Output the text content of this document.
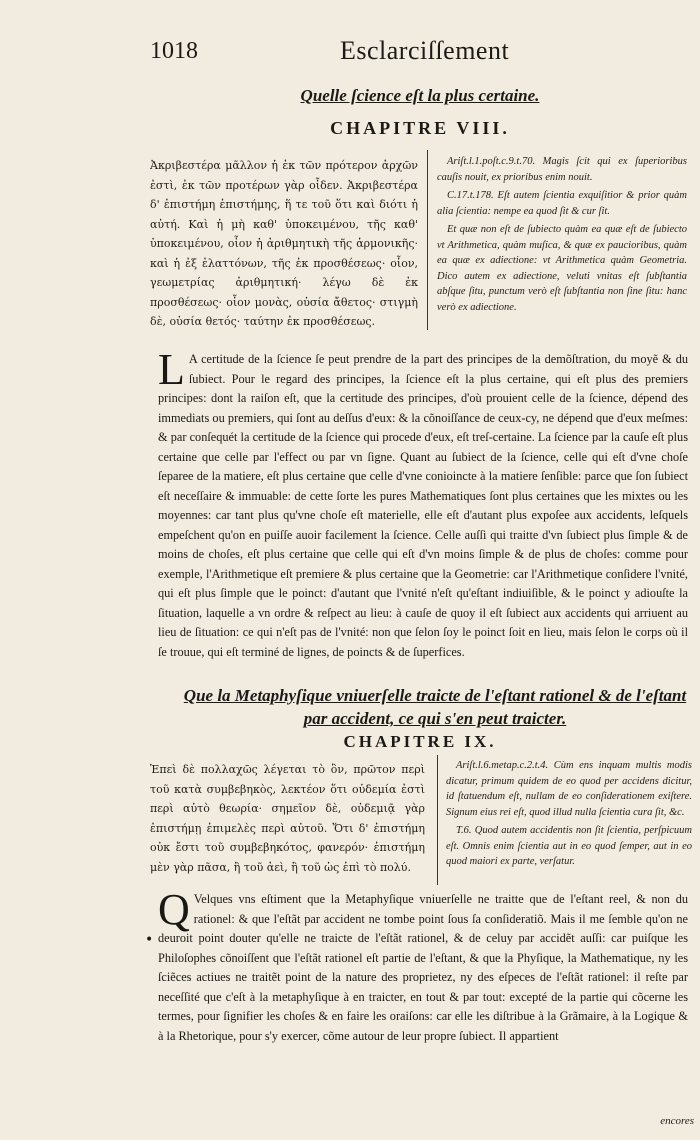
1018	Esclarciſſement
Quelle ſcience eſt la plus certaine.
CHAPITRE VIII.
Ἀκριβεστέρα μᾶλλον ἡ ἐκ τῶν πρότερον ἀρχῶν ἐστὶ, ἐκ τῶν προτέρων γὰρ οἶδεν. Ἀκριβεστέρα δ' ἐπιστήμη ἐπιστήμης, ἥ τε τοῦ ὅτι καὶ διότι ἡ αὐτή. Καὶ ἡ μὴ καθ' ὑποκειμένου, τῆς καθ' ὑποκειμένου, οἷον ἡ ἀριθμητικὴ τῆς ἁρμονικῆς· καὶ ἡ ἐξ ἐλαττόνων, τῆς ἐκ προσθέσεως· οἷον, γεωμετρίας ἀριθμητική· λέγω δὲ ἐκ προσθέσεως· οἷον μονὰς, οὐσία ἄθετος· στιγμὴ δὲ, οὐσία θετός· ταύτην ἐκ προσθέσεως.

Ariſt.l.1.poſt.c.9.t.70. Magis ſcit qui ex ſuperioribus cauſis nouit, ex prioribus enim nouit.

C.17.t.178. Eſt autem ſcientia exquiſitior & prior quàm alia ſcientia: nempe ea quod ſit & cur ſit.

Et quæ non eſt de ſubiecto quàm ea quæ eſt de ſubiecto vt Arithmetica, quàm muſica, & quæ ex paucioribus, quàm ea quæ ex adiectione: vt Arithmetica quàm Geometria. Dico autem ex adiectione, veluti vnitas eſt ſubſtantia abſque ſitu, punctum verò eſt ſubſtantia non ſine ſitu: hanc verò ex adiectione.

L A certitude de la ſcience ſe peut prendre de la part des principes de la demõſtration, du moyẽ & du ſubiect. Pour le regard des principes, la ſcience eſt la plus certaine, qui eſt plus des premiers principes: dont la raiſon eſt, que la certitude des principes, d'où prouient celle de la ſcience, dépend des immediats ou premiers, qui ſont au deſſus d'eux: & la cõnoiſſance de ceux-cy, ne dépend que d'eux meſmes: & par conſequét la certitude de la ſcience qui procede d'eux, eſt treſ-certaine. La ſcience par la cauſe eſt plus certaine que celle par l'effect ou par vn ſigne. Quant au ſubiect de la ſcience, celle qui eſt d'vne choſe ſeparee de la matiere, eſt plus certaine que celle d'vne conioincte à la matiere ſenſible: parce que ſon ſubiect eſt neceſſaire & immuable: de cette ſorte les pures Mathematiques ſont plus certaines que les mixtes ou les moyennes: car tant plus qu'vne choſe eſt materielle, elle eſt d'autant plus expoſee aux accidents, leſquels empeſchent qu'on en puiſſe auoir facilement la ſcience. Celle auſſi qui traitte d'vn ſubiect plus ſimple & de moins de choſes, eſt plus certaine que celle qui eſt d'vn moins ſimple & de plus de choſes: comme pour exemple, l'Arithmetique eſt premiere & plus certaine que la Geometrie: car l'Arithmetique conſidere l'vnité, qui eſt plus ſimple que le poinct: d'autant que l'vnité n'eſt qu'eſtant indiuiſible, & le poinct y adiouſte la ſituation, laquelle a vn ordre & reſpect au lieu: à cauſe de quoy il eſt ſubiect aux accidents qui arriuent au lieu de ſituation: ce qui n'eſt pas de l'vnité: non que ſelon ſoy le poinct ſoit en lieu, mais ſelon le corps où il ſe trouue, qui eſt terminé de lignes, de poincts & de ſuperfices.
Que la Metaphyſique vniuerſelle traicte de l'eſtant rationel & de l'eſtant par accident, ce qui s'en peut traicter.
CHAPITRE IX.
Ἐπεὶ δὲ πολλαχῶς λέγεται τὸ ὂν, πρῶτον περὶ τοῦ κατὰ συμβεβηκὸς, λεκτέον ὅτι οὐδεμία ἐστὶ περὶ αὐτὸ θεωρία· σημεῖον δὲ, οὐδεμιᾷ γὰρ ἐπιστήμῃ ἐπιμελὲς περὶ αὐτοῦ. Ὅτι δ' ἐπιστήμη οὐκ ἔστι τοῦ συμβεβηκότος, φανερόν· ἐπιστήμη μὲν γὰρ πᾶσα, ἢ τοῦ ἀεὶ, ἢ τοῦ ὡς ἐπὶ τὸ πολύ.

Ariſt.l.6.metap.c.2.t.4. Cùm ens inquam multis modis dicatur, primum quidem de eo quod per accidens dicitur, id ſtatuendum eſt, nullam de eo conſiderationem exiſtere. Signum eius rei eſt, quod illud nulla ſcientia cura ſit, &c.

T.6. Quod autem accidentis non ſit ſcientia, perſpicuum eſt. Omnis enim ſcientia aut in eo quod ſemper, aut in eo quod maiori ex parte, verſatur.

•
Q Velques vns eſtiment que la Metaphyſique vniuerſelle ne traitte que de l'eſtant reel, & non du rationel: & que l'eſtãt par accident ne tombe point ſous ſa conſideratiõ. Mais il me ſemble qu'on ne deuroit point douter qu'elle ne traicte de l'eſtãt rationel, & de celuy par accidẽt auſſi: car puiſque les Philoſophes cõnoiſſent que l'eſtãt rationel eſt partie de l'eſtant, & que la Phyſique, la Mathematique, ny les ſciẽces actiues ne traitẽt point de la nature des proprietez, ny des eſpeces de l'eſtãt rationel: il reſte par neceſſité que c'eſt à la metaphyſique à en traicter, en tout & par tout: excepté de la partie qui cõcerne les termes, pour ſignifier les choſes & en faire les oraiſons: car elle les diſtribue à la Grãmaire, à la Logique & à la Rhetorique, pour s'y exercer, cõme autour de leur propre ſubiect. Il appartient
encores
